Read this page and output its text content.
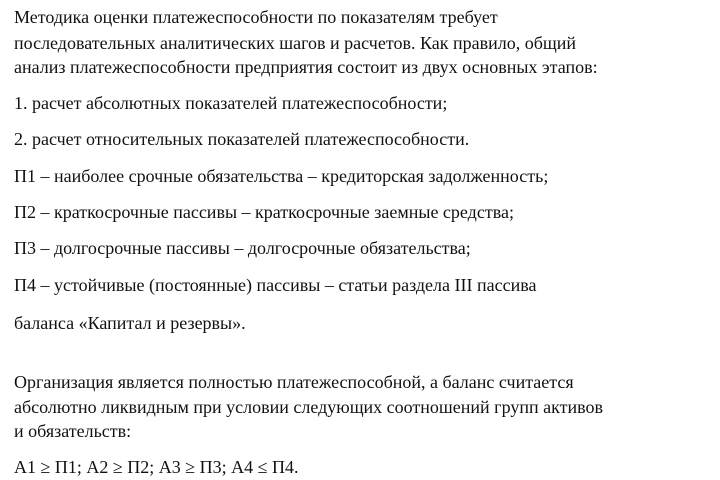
Методика оценки платежеспособности по показателям требует
последовательных аналитических шагов и расчетов. Как правило, общий
анализ платежеспособности предприятия состоит из двух основных этапов:
1. расчет абсолютных показателей платежеспособности;
2. расчет относительных показателей платежеспособности.
П1 – наиболее срочные обязательства – кредиторская задолженность;
П2 – краткосрочные пассивы – краткосрочные заемные средства;
П3 – долгосрочные пассивы – долгосрочные обязательства;
П4 – устойчивые (постоянные) пассивы – статьи раздела III пассива
баланса «Капитал и резервы».
Организация является полностью платежеспособной, а баланс считается
абсолютно ликвидным при условии следующих соотношений групп активов
и обязательств:
А1 ≥ П1; А2 ≥ П2; А3 ≥ П3; А4 ≤ П4.
